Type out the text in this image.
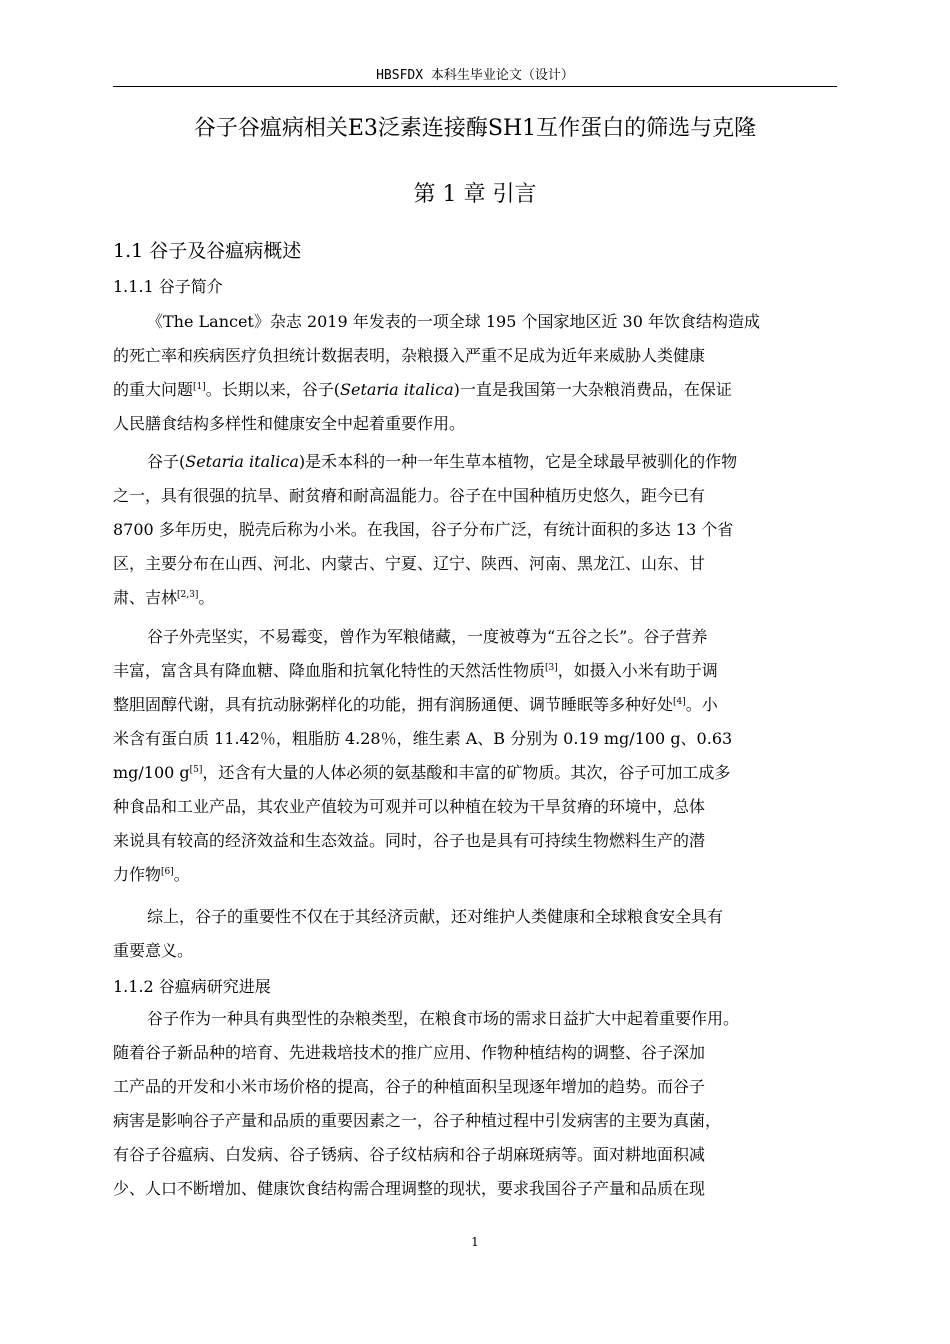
HBSFDX 本科生毕业论文（设计）
谷子谷瘟病相关E3泛素连接酶SH1互作蛋白的筛选与克隆
第 1 章 引言
1.1 谷子及谷瘟病概述
1.1.1 谷子简介
《The Lancet》杂志 2019 年发表的一项全球 195 个国家地区近 30 年饮食结构造成
的死亡率和疾病医疗负担统计数据表明，杂粮摄入严重不足成为近年来威胁人类健康
的重大问题[1]。长期以来，谷子(Setaria italica)一直是我国第一大杂粮消费品，在保证
人民膳食结构多样性和健康安全中起着重要作用。
谷子(Setaria italica)是禾本科的一种一年生草本植物，它是全球最早被驯化的作物
之一，具有很强的抗旱、耐贫瘠和耐高温能力。谷子在中国种植历史悠久，距今已有
8700 多年历史，脱壳后称为小米。在我国，谷子分布广泛，有统计面积的多达 13 个省
区，主要分布在山西、河北、内蒙古、宁夏、辽宁、陕西、河南、黑龙江、山东、甘
肃、吉林[2,3]。
谷子外壳坚实，不易霉变，曾作为军粮储藏，一度被尊为“五谷之长”。谷子营养
丰富，富含具有降血糖、降血脂和抗氧化特性的天然活性物质[3]，如摄入小米有助于调
整胆固醇代谢，具有抗动脉粥样化的功能，拥有润肠通便、调节睡眠等多种好处[4]。小
米含有蛋白质 11.42％，粗脂肪 4.28％，维生素 A、B 分别为 0.19 mg/100 g、0.63
mg/100 g[5]，还含有大量的人体必须的氨基酸和丰富的矿物质。其次，谷子可加工成多
种食品和工业产品，其农业产值较为可观并可以种植在较为干旱贫瘠的环境中，总体
来说具有较高的经济效益和生态效益。同时，谷子也是具有可持续生物燃料生产的潜
力作物[6]。
综上，谷子的重要性不仅在于其经济贡献，还对维护人类健康和全球粮食安全具有
重要意义。
1.1.2 谷瘟病研究进展
谷子作为一种具有典型性的杂粮类型，在粮食市场的需求日益扩大中起着重要作用。
随着谷子新品种的培育、先进栽培技术的推广应用、作物种植结构的调整、谷子深加
工产品的开发和小米市场价格的提高，谷子的种植面积呈现逐年增加的趋势。而谷子
病害是影响谷子产量和品质的重要因素之一，谷子种植过程中引发病害的主要为真菌，
有谷子谷瘟病、白发病、谷子锈病、谷子纹枯病和谷子胡麻斑病等。面对耕地面积减
少、人口不断增加、健康饮食结构需合理调整的现状，要求我国谷子产量和品质在现
1
